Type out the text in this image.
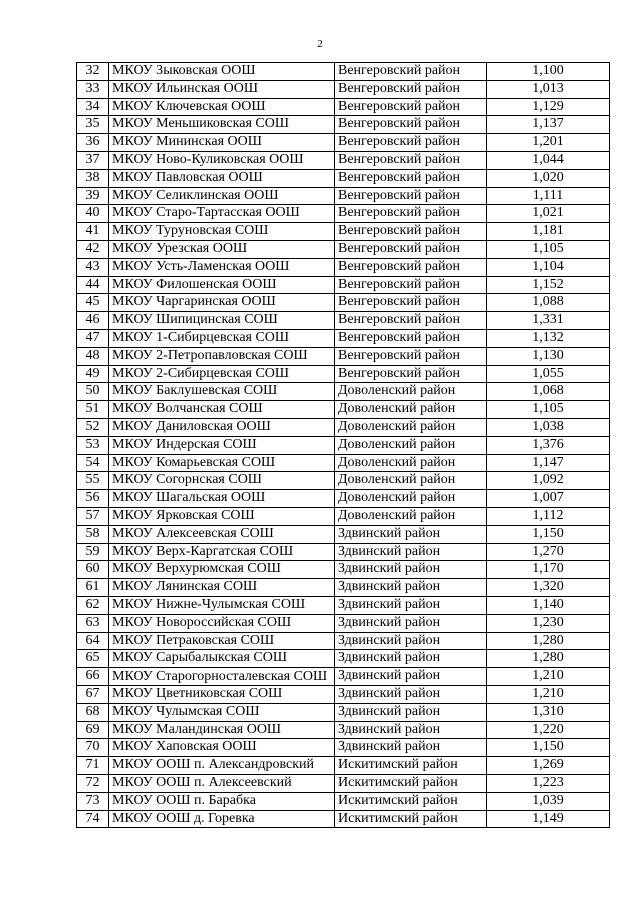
2
32	МКОУ Зыковская ООШ	Венгеровский район	1,100
33	МКОУ Ильинская ООШ	Венгеровский район	1,013
34	МКОУ Ключевская ООШ	Венгеровский район	1,129
35	МКОУ Меньшиковская СОШ	Венгеровский район	1,137
36	МКОУ Мининская ООШ	Венгеровский район	1,201
37	МКОУ Ново-Куликовская ООШ	Венгеровский район	1,044
38	МКОУ Павловская ООШ	Венгеровский район	1,020
39	МКОУ Селиклинская ООШ	Венгеровский район	1,111
40	МКОУ Старо-Тартасская ООШ	Венгеровский район	1,021
41	МКОУ Туруновская СОШ	Венгеровский район	1,181
42	МКОУ Урезская ООШ	Венгеровский район	1,105
43	МКОУ Усть-Ламенская ООШ	Венгеровский район	1,104
44	МКОУ Филошенская ООШ	Венгеровский район	1,152
45	МКОУ Чаргаринская ООШ	Венгеровский район	1,088
46	МКОУ Шипицинская СОШ	Венгеровский район	1,331
47	МКОУ 1-Сибирцевская СОШ	Венгеровский район	1,132
48	МКОУ 2-Петропавловская СОШ	Венгеровский район	1,130
49	МКОУ 2-Сибирцевская СОШ	Венгеровский район	1,055
50	МКОУ Баклушевская СОШ	Доволенский район	1,068
51	МКОУ Волчанская СОШ	Доволенский район	1,105
52	МКОУ Даниловская ООШ	Доволенский район	1,038
53	МКОУ Индерская СОШ	Доволенский район	1,376
54	МКОУ Комарьевская СОШ	Доволенский район	1,147
55	МКОУ Согорнская СОШ	Доволенский район	1,092
56	МКОУ Шагальская ООШ	Доволенский район	1,007
57	МКОУ Ярковская СОШ	Доволенский район	1,112
58	МКОУ Алексеевская СОШ	Здвинский район	1,150
59	МКОУ Верх-Каргатская СОШ	Здвинский район	1,270
60	МКОУ Верхурюмская СОШ	Здвинский район	1,170
61	МКОУ Лянинская СОШ	Здвинский район	1,320
62	МКОУ Нижне-Чулымская СОШ	Здвинский район	1,140
63	МКОУ Новороссийская СОШ	Здвинский район	1,230
64	МКОУ Петраковская СОШ	Здвинский район	1,280
65	МКОУ Сарыбалыкская СОШ	Здвинский район	1,280
66	МКОУ Старогорносталевская СОШ	Здвинский район	1,210
67	МКОУ Цветниковская СОШ	Здвинский район	1,210
68	МКОУ Чулымская СОШ	Здвинский район	1,310
69	МКОУ Маландинская ООШ	Здвинский район	1,220
70	МКОУ Хаповская ООШ	Здвинский район	1,150
71	МКОУ ООШ п. Александровский	Искитимский район	1,269
72	МКОУ ООШ п. Алексеевский	Искитимский район	1,223
73	МКОУ ООШ п. Барабка	Искитимский район	1,039
74	МКОУ ООШ д. Горевка	Искитимский район	1,149
